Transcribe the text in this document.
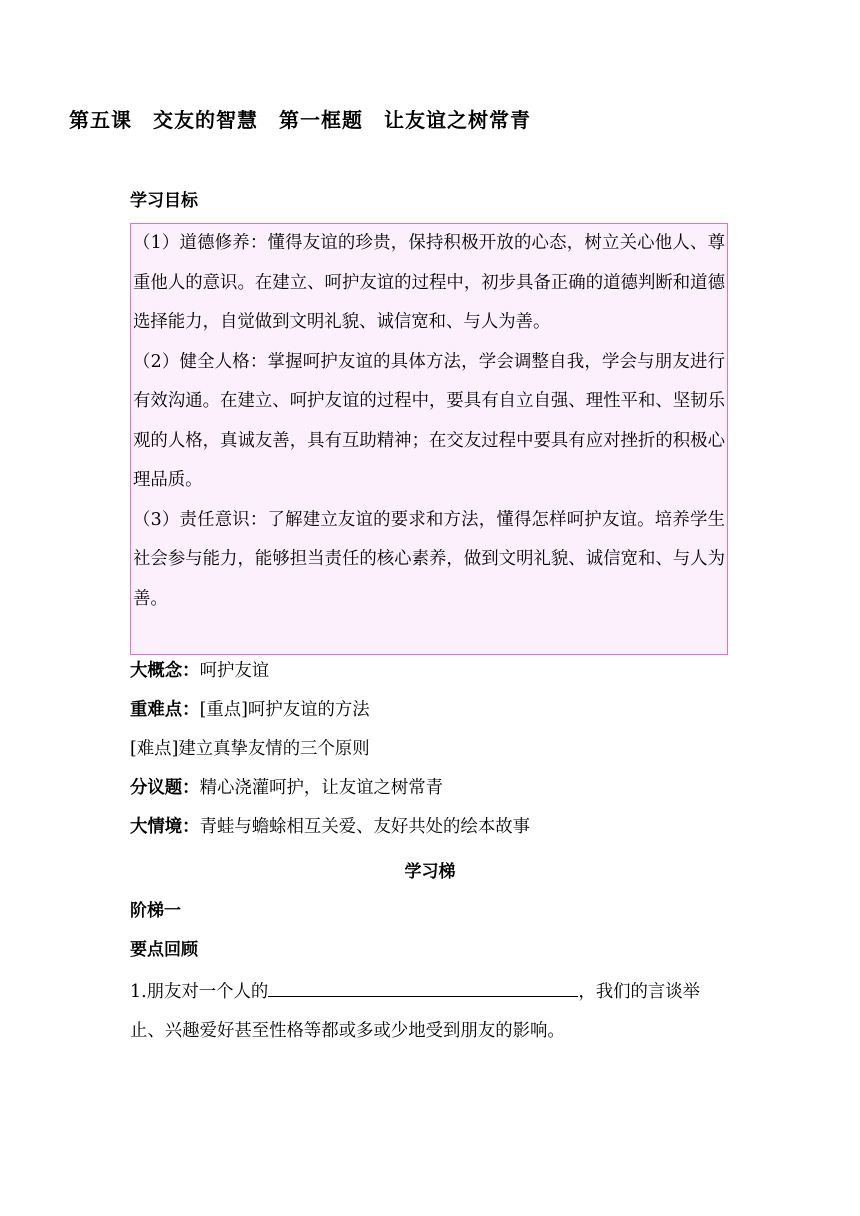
第五课　交友的智慧　第一框题　让友谊之树常青
学习目标

（1）道德修养：懂得友谊的珍贵，保持积极开放的心态，树立关心他人、尊重他人的意识。在建立、呵护友谊的过程中，初步具备正确的道德判断和道德选择能力，自觉做到文明礼貌、诚信宽和、与人为善。

（2）健全人格：掌握呵护友谊的具体方法，学会调整自我，学会与朋友进行有效沟通。在建立、呵护友谊的过程中，要具有自立自强、理性平和、坚韧乐观的人格，真诚友善，具有互助精神；在交友过程中要具有应对挫折的积极心理品质。

（3）责任意识：了解建立友谊的要求和方法，懂得怎样呵护友谊。培养学生社会参与能力，能够担当责任的核心素养，做到文明礼貌、诚信宽和、与人为善。

大概念：呵护友谊
重难点：[重点]呵护友谊的方法
[难点]建立真挚友情的三个原则
分议题：精心浇灌呵护，让友谊之树常青
大情境：青蛙与蟾蜍相互关爱、友好共处的绘本故事
学习梯
阶梯一
要点回顾
1.朋友对一个人的	，我们的言谈举止、兴趣爱好甚至性格等都或多或少地受到朋友的影响。
